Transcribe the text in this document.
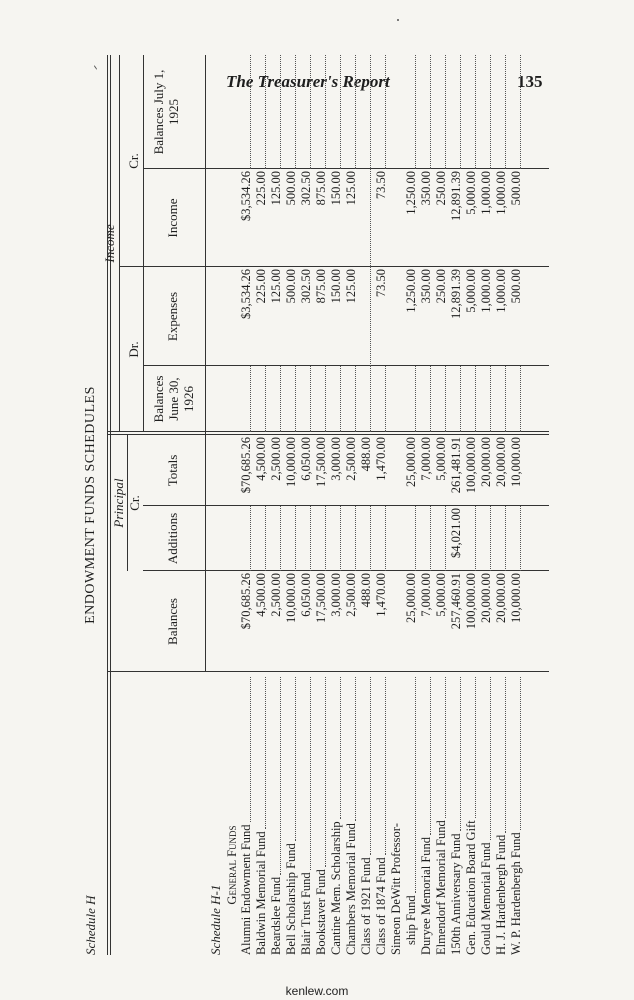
The Treasurer's Report	135
Schedule H
ENDOWMENT FUNDS SCHEDULES Principal Cr.
Income
Dr.
Cr.
Balances
Additions
Totals
Balances June 30, 1926
Expenses
Income
Balances July 1, 1925
Schedule H-1
General Funds Alumni Endowment Fund Baldwin Memorial Fund Beardslee Fund Bell Scholarship Fund Blair Trust Fund Bookstaver Fund Cantine Mem. Scholarship Chambers Memorial Fund Class of 1921 Fund Class of 1874 Fund Simeon DeWitt Professor- ship Fund Duryee Memorial Fund Elmendorf Memorial Fund 150th Anniversary Fund Gen. Education Board Gift Gould Memorial Fund H. J. Hardenbergh Fund W. P. Hardenbergh Fund
$70,685.26 4,500.00 2,500.00 10,000.00 6,050.00 17,500.00 3,000.00 2,500.00 488.00 1,470.00 25,000.00 7,000.00 5,000.00 257,460.91 100,000.00 20,000.00 20,000.00 10,000.00
$4,021.00
$70,685.26 4,500.00 2,500.00 10,000.00 6,050.00 17,500.00 3,000.00 2,500.00 488.00 1,470.00 25,000.00 7,000.00 5,000.00 261,481.91 100,000.00 20,000.00 20,000.00 10,000.00
$3,534.26 225.00 125.00 500.00 302.50 875.00 150.00 125.00 73.50 1,250.00 350.00 250.00 12,891.39 5,000.00 1,000.00 1,000.00 500.00
$3,534.26 225.00 125.00 500.00 302.50 875.00 150.00 125.00 73.50 1,250.00 350.00 250.00 12,891.39 5,000.00 1,000.00 1,000.00 500.00
kenlew.com
